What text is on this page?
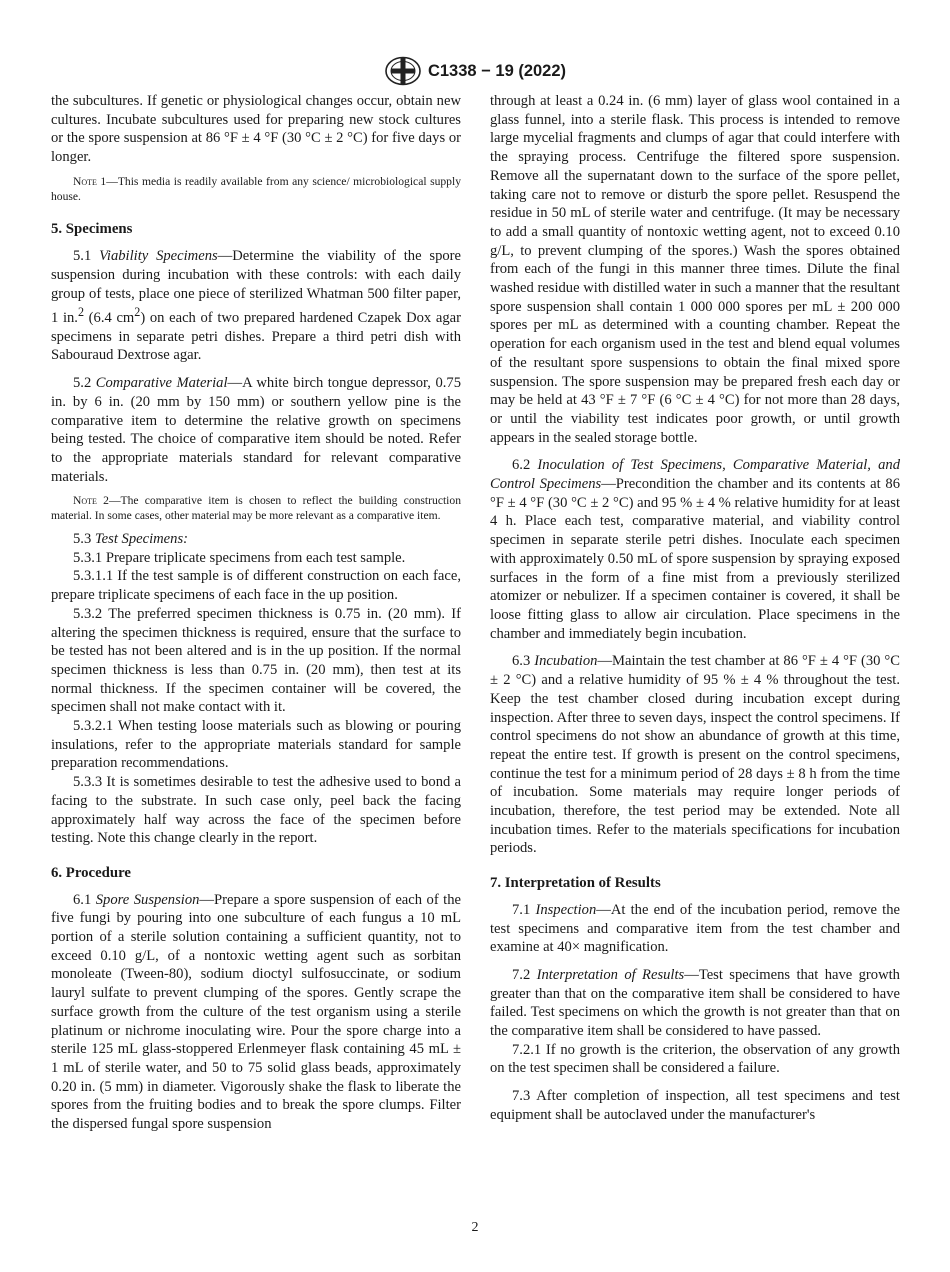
C1338 − 19 (2022)

the subcultures. If genetic or physiological changes occur, obtain new cultures. Incubate subcultures used for preparing new stock cultures or the spore suspension at 86 °F ± 4 °F (30 °C ± 2 °C) for five days or longer.

Note 1—This media is readily available from any science/ microbiological supply house.

5. Specimens

5.1 Viability Specimens—Determine the viability of the spore suspension during incubation with these controls: with each daily group of tests, place one piece of sterilized Whatman 500 filter paper, 1 in.$^2$ (6.4 $cm^2$) on each of two prepared hardened Czapek Dox agar specimens in separate petri dishes. Prepare a third petri dish with Sabouraud Dextrose agar.

5.2 Comparative Material—A white birch tongue depressor, 0.75 in. by 6 in. (20 mm by 150 mm) or southern yellow pine is the comparative item to determine the relative growth on specimens being tested. The choice of comparative item should be noted. Refer to the appropriate materials standard for relevant comparative materials.

Note 2—The comparative item is chosen to reflect the building construction material. In some cases, other material may be more relevant as a comparative item.

5.3 Test Specimens:

5.3.1 Prepare triplicate specimens from each test sample.

5.3.1.1 If the test sample is of different construction on each face, prepare triplicate specimens of each face in the up position.

5.3.2 The preferred specimen thickness is 0.75 in. (20 mm). If altering the specimen thickness is required, ensure that the surface to be tested has not been altered and is in the up position. If the normal specimen thickness is less than 0.75 in. (20 mm), then test at its normal thickness. If the specimen container will be covered, the specimen shall not make contact with it.

5.3.2.1 When testing loose materials such as blowing or pouring insulations, refer to the appropriate materials standard for sample preparation recommendations.

5.3.3 It is sometimes desirable to test the adhesive used to bond a facing to the substrate. In such case only, peel back the facing approximately half way across the face of the specimen before testing. Note this change clearly in the report.

6. Procedure

6.1 Spore Suspension—Prepare a spore suspension of each of the five fungi by pouring into one subculture of each fungus a 10 mL portion of a sterile solution containing a sufficient quantity, not to exceed 0.10 g/L, of a nontoxic wetting agent such as sorbitan monoleate (Tween-80), sodium dioctyl sulfosuccinate, or sodium lauryl sulfate to prevent clumping of the spores. Gently scrape the surface growth from the culture of the test organism using a sterile platinum or nichrome inoculating wire. Pour the spore charge into a sterile 125 mL glass-stoppered Erlenmeyer flask containing 45 mL ± 1 mL of sterile water, and 50 to 75 solid glass beads, approximately 0.20 in. (5 mm) in diameter. Vigorously shake the flask to liberate the spores from the fruiting bodies and to break the spore clumps. Filter the dispersed fungal spore suspension

through at least a 0.24 in. (6 mm) layer of glass wool contained in a glass funnel, into a sterile flask. This process is intended to remove large mycelial fragments and clumps of agar that could interfere with the spraying process. Centrifuge the filtered spore suspension. Remove all the supernatant down to the surface of the spore pellet, taking care not to remove or disturb the spore pellet. Resuspend the residue in 50 mL of sterile water and centrifuge. (It may be necessary to add a small quantity of nontoxic wetting agent, not to exceed 0.10 g/L, to prevent clumping of the spores.) Wash the spores obtained from each of the fungi in this manner three times. Dilute the final washed residue with distilled water in such a manner that the resultant spore suspension shall contain 1 000 000 spores per mL ± 200 000 spores per mL as determined with a counting chamber. Repeat the operation for each organism used in the test and blend equal volumes of the resultant spore suspensions to obtain the final mixed spore suspension. The spore suspension may be prepared fresh each day or may be held at 43 °F ± 7 °F (6 °C ± 4 °C) for not more than 28 days, or until the viability test indicates poor growth, or until growth appears in the sealed storage bottle.

6.2 Inoculation of Test Specimens, Comparative Material, and Control Specimens—Precondition the chamber and its contents at 86 °F ± 4 °F (30 °C ± 2 °C) and 95 % ± 4 % relative humidity for at least 4 h. Place each test, comparative material, and viability control specimen in separate sterile petri dishes. Inoculate each specimen with approximately 0.50 mL of spore suspension by spraying exposed surfaces in the form of a fine mist from a previously sterilized atomizer or nebulizer. If a specimen container is covered, it shall be loose fitting glass to allow air circulation. Place specimens in the chamber and immediately begin incubation.

6.3 Incubation—Maintain the test chamber at 86 °F ± 4 °F (30 °C ± 2 °C) and a relative humidity of 95 % ± 4 % throughout the test. Keep the test chamber closed during incubation except during inspection. After three to seven days, inspect the control specimens. If control specimens do not show an abundance of growth at this time, repeat the entire test. If growth is present on the control specimens, continue the test for a minimum period of 28 days ± 8 h from the time of incubation. Some materials may require longer periods of incubation, therefore, the test period may be extended. Note all incubation times. Refer to the materials specifications for incubation periods.

7. Interpretation of Results

7.1 Inspection—At the end of the incubation period, remove the test specimens and comparative item from the test chamber and examine at 40× magnification.

7.2 Interpretation of Results—Test specimens that have growth greater than that on the comparative item shall be considered to have failed. Test specimens on which the growth is not greater than that on the comparative item shall be considered to have passed.

7.2.1 If no growth is the criterion, the observation of any growth on the test specimen shall be considered a failure.

7.3 After completion of inspection, all test specimens and test equipment shall be autoclaved under the manufacturer's

2
